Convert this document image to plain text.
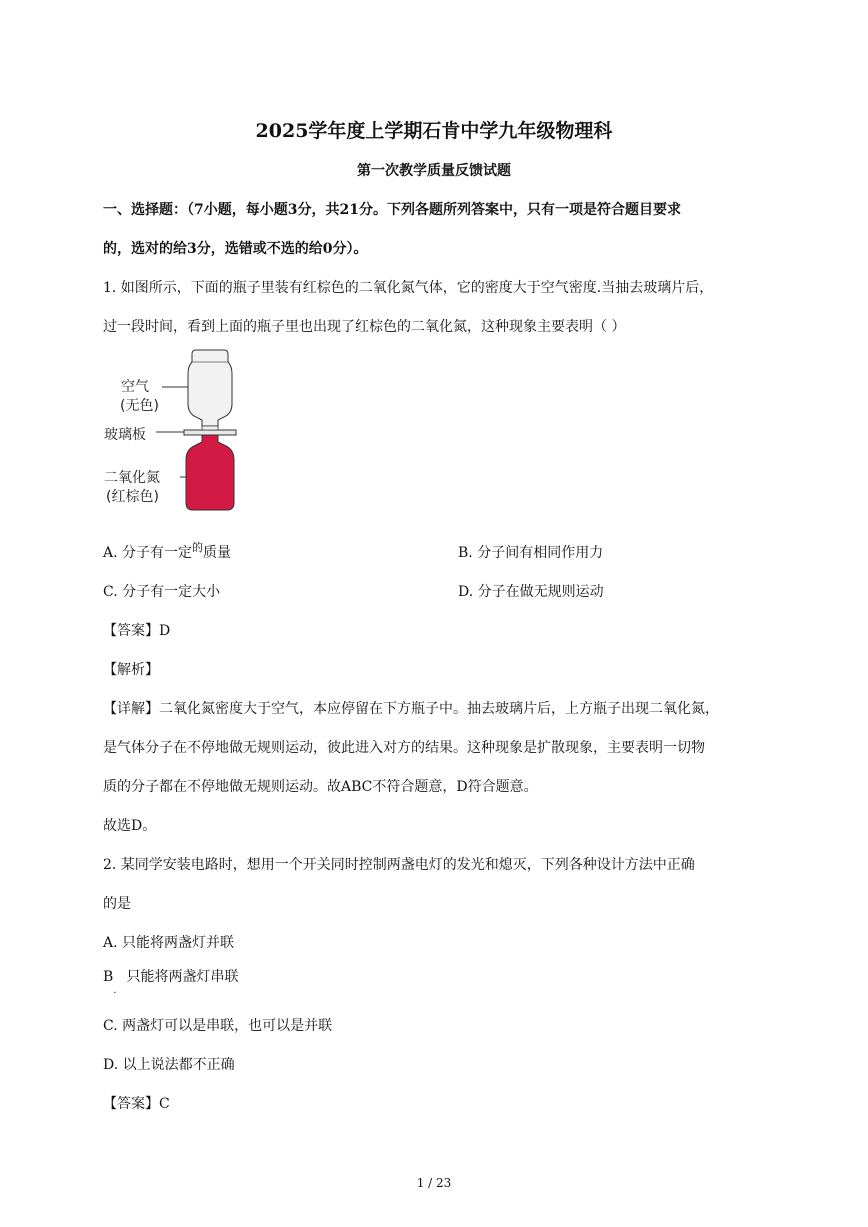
2025学年度上学期石肯中学九年级物理科
第一次教学质量反馈试题
一、选择题：（7小题，每小题3分，共21分。下列各题所列答案中，只有一项是符合题目要求
的，选对的给3分，选错或不选的给0分）。
1. 如图所示，下面的瓶子里装有红棕色的二氧化氮气体，它的密度大于空气密度.当抽去玻璃片后，
过一段时间，看到上面的瓶子里也出现了红棕色的二氧化氮，这种现象主要表明（ ）
空气
(无色)
玻璃板
二氧化氮
(红棕色)
A. 分子有一定$^的$质量	B. 分子间有相同作用力
C. 分子有一定大小	D. 分子在做无规则运动
【答案】D
【解析】
【详解】二氧化氮密度大于空气，本应停留在下方瓶子中。抽去玻璃片后，上方瓶子出现二氧化氮，
是气体分子在不停地做无规则运动，彼此进入对方的结果。这种现象是扩散现象，主要表明一切物
质的分子都在不停地做无规则运动。故ABC不符合题意，D符合题意。
故选D。
2. 某同学安装电路时，想用一个开关同时控制两盏电灯的发光和熄灭，下列各种设计方法中正确
的是
A. 只能将两盏灯并联
$B_.$只能将两盏灯串联
C. 两盏灯可以是串联，也可以是并联
D. 以上说法都不正确
【答案】C
1 / 23
